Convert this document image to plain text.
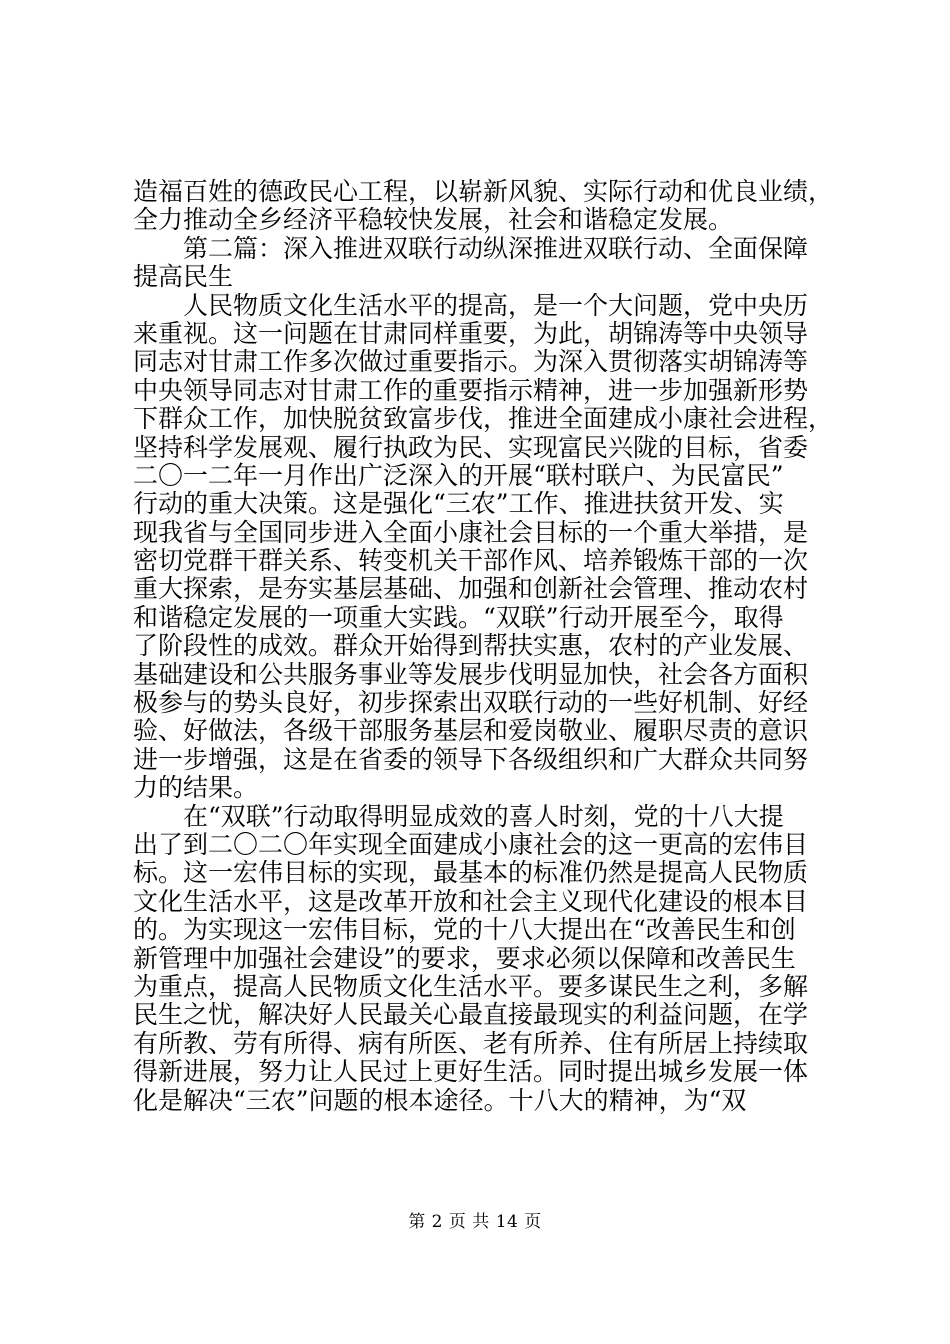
造福百姓的德政民心工程，以崭新风貌、实际行动和优良业绩，
全力推动全乡经济平稳较快发展，社会和谐稳定发展。
第二篇：深入推进双联行动纵深推进双联行动、全面保障
提高民生
人民物质文化生活水平的提高，是一个大问题，党中央历
来重视。这一问题在甘肃同样重要，为此，胡锦涛等中央领导
同志对甘肃工作多次做过重要指示。为深入贯彻落实胡锦涛等
中央领导同志对甘肃工作的重要指示精神，进一步加强新形势
下群众工作，加快脱贫致富步伐，推进全面建成小康社会进程，
坚持科学发展观、履行执政为民、实现富民兴陇的目标，省委
二〇一二年一月作出广泛深入的开展“联村联户、为民富民”
行动的重大决策。这是强化“三农”工作、推进扶贫开发、实
现我省与全国同步进入全面小康社会目标的一个重大举措，是
密切党群干群关系、转变机关干部作风、培养锻炼干部的一次
重大探索，是夯实基层基础、加强和创新社会管理、推动农村
和谐稳定发展的一项重大实践。“双联”行动开展至今，取得
了阶段性的成效。群众开始得到帮扶实惠，农村的产业发展、
基础建设和公共服务事业等发展步伐明显加快，社会各方面积
极参与的势头良好，初步探索出双联行动的一些好机制、好经
验、好做法，各级干部服务基层和爱岗敬业、履职尽责的意识
进一步增强，这是在省委的领导下各级组织和广大群众共同努
力的结果。
在“双联”行动取得明显成效的喜人时刻，党的十八大提
出了到二〇二〇年实现全面建成小康社会的这一更高的宏伟目
标。这一宏伟目标的实现，最基本的标准仍然是提高人民物质
文化生活水平，这是改革开放和社会主义现代化建设的根本目
的。为实现这一宏伟目标，党的十八大提出在“改善民生和创
新管理中加强社会建设”的要求，要求必须以保障和改善民生
为重点，提高人民物质文化生活水平。要多谋民生之利，多解
民生之忧，解决好人民最关心最直接最现实的利益问题，在学
有所教、劳有所得、病有所医、老有所养、住有所居上持续取
得新进展，努力让人民过上更好生活。同时提出城乡发展一体
化是解决“三农”问题的根本途径。十八大的精神，为“双
第 2 页 共 14 页
